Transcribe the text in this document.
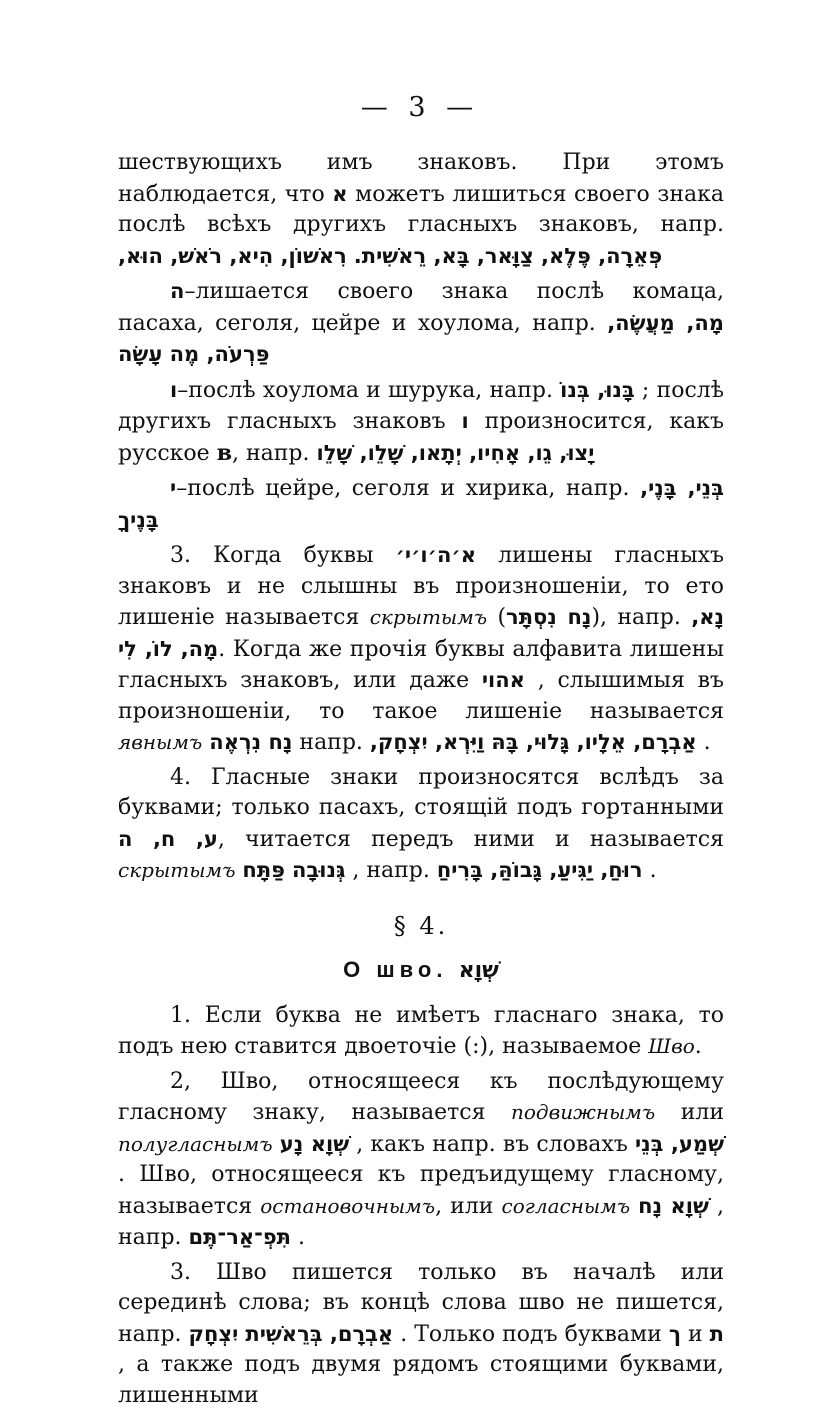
— 3 —

шествующихъ имъ знаковъ. При этомъ наблюдается, что א можетъ лишиться своего знака послѣ всѣхъ другихъ гласныхъ знаковъ, напр. רִאשׁוֹן, הִיא, רֹאשׁ, הוּא, פְּאֵרָה, פֶּלֶא, צַוָּאר, בָּא, רֵאשִׁית.

ה–лишается своего знака послѣ комаца, пасаха, сеголя, цейре и хоулома, напр. מָה, מַעֲשֶׂה, פַּרְעֹה, מֶה עָשָׂה

ו–послѣ хоулома и шурука, напр. בָּנוּ, בְּנוֹ ; послѣ другихъ гласныхъ знаковъ ו произносится, какъ русское в, напр. יָצוּ, גֵו, אָחִיו, יְתָאו, שָׁלֵו, שָׁלֵו

י–послѣ цейре, сеголя и хирика, напр. בְּנֵי, בָּנֶי, בָּנֶיךָ

3. Когда буквы א׳ה׳ו׳י׳ лишены гласныхъ знаковъ и не слышны въ произношеніи, то ето лишеніе называется скрытымъ (נָח נִסְתָּר), напр. נָא, מָה, לוֹ, לִי. Когда же прочія буквы алфавита лишены гласныхъ знаковъ, или даже אהוי , слышимыя въ произношеніи, то такое лишеніе называется явнымъ נָח נִרְאֶה напр. וַיִּרְא, יִצְחָק, אַבְרָם, אֵלָיו, גָּלוּי, בָּהּ .

4. Гласные знаки произносятся вслѣдъ за буквами; только пасахъ, стоящій подъ гортанными ע, ח, ה, читается передъ ними и называется скрытымъ פַּתָּח גְּנוּבָה , напр. רוּחַ, יַגִּיעַ, גָּבוֹהַּ, בָּרִיחַ .

§ 4.

О шво. שְׁוָא

1. Если буква не имѣетъ гласнаго знака, то подъ нею ставится двоеточіе (:), называемое Шво.

2, Шво, относящееся къ послѣдующему гласному знаку, называется подвижнымъ или полугласнымъ שְׁוָא נָע , какъ напр. въ словахъ שְׁמַע, בְּנֵי . Шво, относящееся къ предъидущему гласному, называется остановочнымъ, или согласнымъ שְׁוָא נָח , напр. תִּפְ־אַר־תֶּם .

3. Шво пишется только въ началѣ или серединѣ слова; въ концѣ слова шво не пишется, напр. יִצְחָק אַבְרָם, בְּרֵאשִׁית . Только подъ буквами ך и ת , а также подъ двумя рядомъ стоящими буквами, лишенными
